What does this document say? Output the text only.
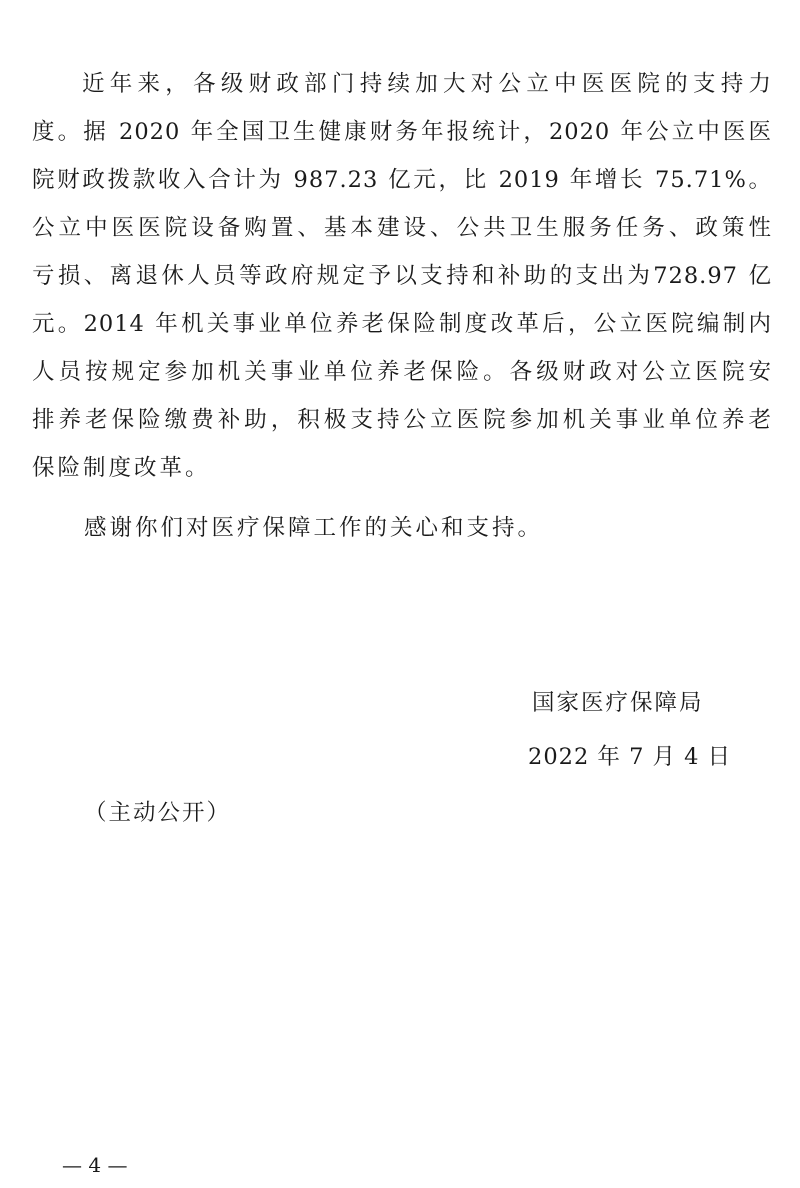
近年来，各级财政部门持续加大对公立中医医院的支持力
度。据 2020 年全国卫生健康财务年报统计，2020 年公立中医医
院财政拨款收入合计为 987.23 亿元，比 2019 年增长 75.71%。
公立中医医院设备购置、基本建设、公共卫生服务任务、政策性
亏损、离退休人员等政府规定予以支持和补助的支出为728.97 亿
元。2014 年机关事业单位养老保险制度改革后，公立医院编制内
人员按规定参加机关事业单位养老保险。各级财政对公立医院安
排养老保险缴费补助，积极支持公立医院参加机关事业单位养老
保险制度改革。
感谢你们对医疗保障工作的关心和支持。
国家医疗保障局
2022 年 7 月 4 日
（主动公开）
— 4 —
